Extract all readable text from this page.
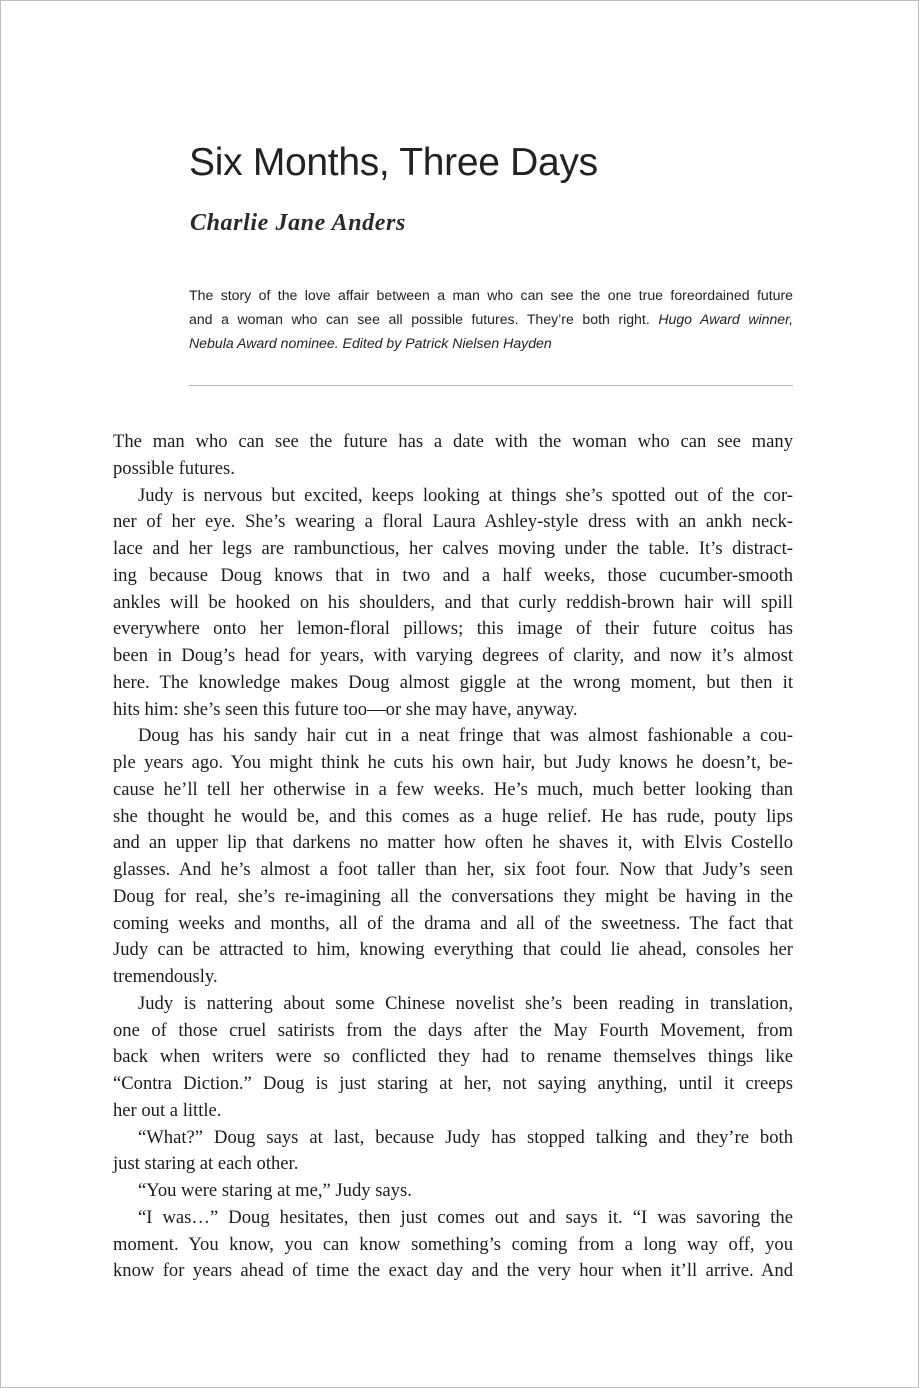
Six Months, Three Days
Charlie Jane Anders
The story of the love affair between a man who can see the one true foreordained future
and a woman who can see all possible futures. They’re both right. Hugo Award winner,
Nebula Award nominee. Edited by Patrick Nielsen Hayden
The man who can see the future has a date with the woman who can see many
possible futures.
Judy is nervous but excited, keeps looking at things she’s spotted out of the cor-
ner of her eye. She’s wearing a floral Laura Ashley-style dress with an ankh neck-
lace and her legs are rambunctious, her calves moving under the table. It’s distract-
ing because Doug knows that in two and a half weeks, those cucumber-smooth
ankles will be hooked on his shoulders, and that curly reddish-brown hair will spill
everywhere onto her lemon-floral pillows; this image of their future coitus has
been in Doug’s head for years, with varying degrees of clarity, and now it’s almost
here. The knowledge makes Doug almost giggle at the wrong moment, but then it
hits him: she’s seen this future too—or she may have, anyway.
Doug has his sandy hair cut in a neat fringe that was almost fashionable a cou-
ple years ago. You might think he cuts his own hair, but Judy knows he doesn’t, be-
cause he’ll tell her otherwise in a few weeks. He’s much, much better looking than
she thought he would be, and this comes as a huge relief. He has rude, pouty lips
and an upper lip that darkens no matter how often he shaves it, with Elvis Costello
glasses. And he’s almost a foot taller than her, six foot four. Now that Judy’s seen
Doug for real, she’s re-imagining all the conversations they might be having in the
coming weeks and months, all of the drama and all of the sweetness. The fact that
Judy can be attracted to him, knowing everything that could lie ahead, consoles her
tremendously.
Judy is nattering about some Chinese novelist she’s been reading in translation,
one of those cruel satirists from the days after the May Fourth Movement, from
back when writers were so conflicted they had to rename themselves things like
“Contra Diction.” Doug is just staring at her, not saying anything, until it creeps
her out a little.
“What?” Doug says at last, because Judy has stopped talking and they’re both
just staring at each other.
“You were staring at me,” Judy says.
“I was…” Doug hesitates, then just comes out and says it. “I was savoring the
moment. You know, you can know something’s coming from a long way off, you
know for years ahead of time the exact day and the very hour when it’ll arrive. And
